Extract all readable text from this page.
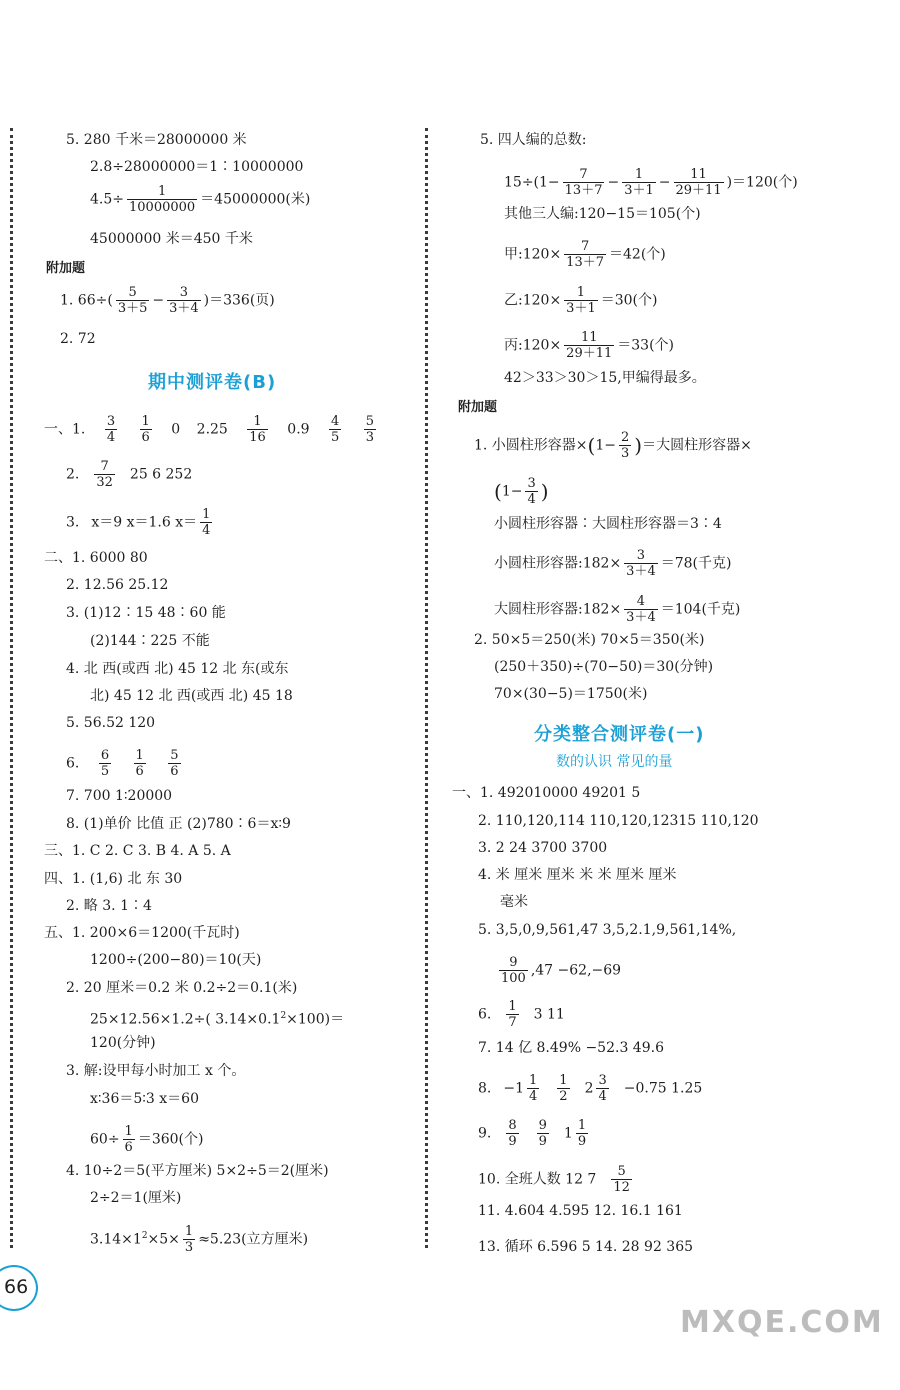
5. 280 千米＝28000000 米
2.8÷28000000＝1∶10000000
$4.5\div \frac{1}{10000000} =45000000$(米)
45000000 米＝450 千米
附加题
1. $66\div( \frac{5}{3+5} - \frac{3}{3+4} )=336$(页)
2. 72
期中测评卷(B)
一、1. $\frac{3}{4}$
$\frac{1}{6} 0$ $2.25 \frac{1}{16} 0.9 \frac{4}{5}$
$\frac{5}{3}$
2. $\frac{7}{32} 25$ 6 252
3. x＝9 x＝1.6 $x= \frac{1}{4}$
二、1. 6000 80
2. 12.56 25.12
3. (1)12∶15 48∶60 能
(2)144∶225 不能
4. 北 西(或西 北) 45 12 北 东(或东
北) 45 12 北 西(或西 北) 45 18
5. 56.52 120
6. $\frac{6}{5}$
$\frac{1}{6}$
$\frac{5}{6}$
7. 700 1∶20000
8. (1)单价 比值 正 (2)780∶6＝x∶9
三、1. C 2. C 3. B 4. A 5. A
四、1. (1,6) 北 东 30
2. 略 3. 1∶4
五、1. 200×6＝1200(千瓦时)
1200÷(200−80)＝10(天)
2. 20 厘米＝0.2 米 0.2÷2＝0.1(米)
25×12.56×1.2÷( $3.14\times 0.1^2\times 100)=$
120(分钟)
3. 解:设甲每小时加工 x 个。
x∶36＝5∶3 x＝60
$60\div \frac{1}{6} =360$(个)
4. 10÷2＝5(平方厘米) 5×2÷5＝2(厘米)
2÷2＝1(厘米)
$3.14\times 1^2\times 5\times \frac{1}{3} \approx 5.23$(立方厘米)
5. 四人编的总数:
$15\div(1- \frac{7}{13+7} - \frac{1}{3+1} - \frac{11}{29+11} )=120$(个)
其他三人编:120−15＝105(个)
甲:120× $\frac{7}{13+7} =42$(个)
乙:120× $\frac{1}{3+1} =30$(个)
丙:120× $\frac{11}{29+11} =33$(个)
42＞33＞30＞15,甲编得最多。
附加题
1. 小圆柱形容器$\times(1- \frac{2}{3}$ )＝大圆柱形容器×
($1- \frac{3}{4}$ )
小圆柱形容器∶大圆柱形容器＝3∶4
小圆柱形容器:182× $\frac{3}{3+4} =78$(千克)
大圆柱形容器:182× $\frac{4}{3+4} =104$(千克)
2. 50×5＝250(米) 70×5＝350(米)
(250＋350)÷(70−50)＝30(分钟)
70×(30−5)＝1750(米)
分类整合测评卷(一)
数的认识 常见的量
一、1. 492010000 49201 5
2. 110,120,114 110,120,12315 110,120
3. 2 24 3700 3700
4. 米 厘米 厘米 米 米 厘米 厘米
毫米
5. 3,5,0,9,561,47 3,5,2.1,9,561,14%,
$\frac{9}{100} ,47 -62,-69$
6. $\frac{1}{7} 3$ 11
7. 14 亿 8.49% −52.3 49.6
8. $-1 \frac{1}{4} \frac{1}{2} 2 \frac{3}{4} -0.75$ 1.25
9. $\frac{8}{9} \frac{9}{9} 1 \frac{1}{9}$
10. 全班人数 12 $7 \frac{5}{12}$
11. 4.604 4.595 12. 16.1 161
13. 循环 6.596 5 14. 28 92 365
66
MXQE.COM
